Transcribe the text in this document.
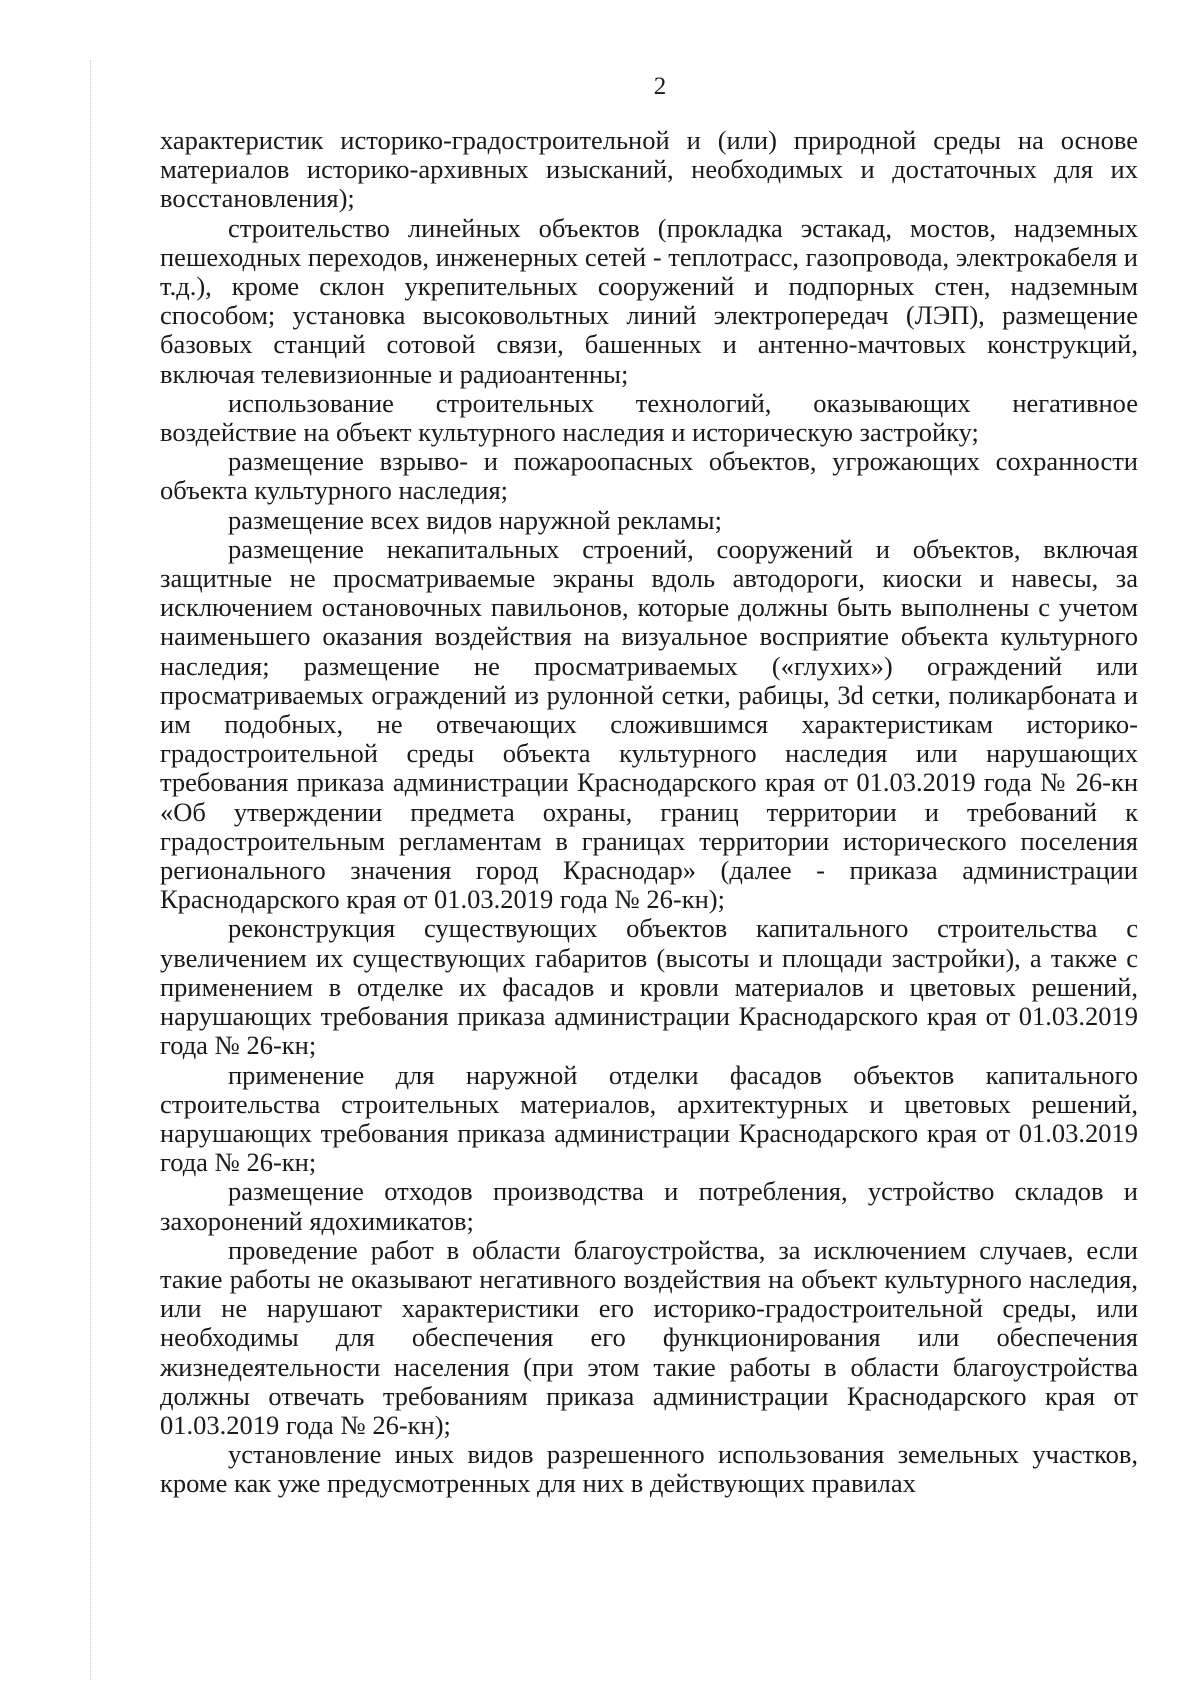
2

характеристик историко-градостроительной и (или) природной среды на основе материалов историко-архивных изысканий, необходимых и достаточных для их восстановления);

строительство линейных объектов (прокладка эстакад, мостов, надземных пешеходных переходов, инженерных сетей - теплотрасс, газопровода, электрокабеля и т.д.), кроме склон укрепительных сооружений и подпорных стен, надземным способом; установка высоковольтных линий электропередач (ЛЭП), размещение базовых станций сотовой связи, башенных и антенно-мачтовых конструкций, включая телевизионные и радиоантенны;

использование строительных технологий, оказывающих негативное воздействие на объект культурного наследия и историческую застройку;

размещение взрыво- и пожароопасных объектов, угрожающих сохранности объекта культурного наследия;

размещение всех видов наружной рекламы;

размещение некапитальных строений, сооружений и объектов, включая защитные не просматриваемые экраны вдоль автодороги, киоски и навесы, за исключением остановочных павильонов, которые должны быть выполнены с учетом наименьшего оказания воздействия на визуальное восприятие объекта культурного наследия; размещение не просматриваемых («глухих») ограждений или просматриваемых ограждений из рулонной сетки, рабицы, 3d сетки, поликарбоната и им подобных, не отвечающих сложившимся характеристикам историко-градостроительной среды объекта культурного наследия или нарушающих требования приказа администрации Краснодарского края от 01.03.2019 года № 26-кн «Об утверждении предмета охраны, границ территории и требований к градостроительным регламентам в границах территории исторического поселения регионального значения город Краснодар» (далее - приказа администрации Краснодарского края от 01.03.2019 года № 26-кн);

реконструкция существующих объектов капитального строительства с увеличением их существующих габаритов (высоты и площади застройки), а также с применением в отделке их фасадов и кровли материалов и цветовых решений, нарушающих требования приказа администрации Краснодарского края от 01.03.2019 года № 26-кн;

применение для наружной отделки фасадов объектов капитального строительства строительных материалов, архитектурных и цветовых решений, нарушающих требования приказа администрации Краснодарского края от 01.03.2019 года № 26-кн;

размещение отходов производства и потребления, устройство складов и захоронений ядохимикатов;

проведение работ в области благоустройства, за исключением случаев, если такие работы не оказывают негативного воздействия на объект культурного наследия, или не нарушают характеристики его историко-градостроительной среды, или необходимы для обеспечения его функционирования или обеспечения жизнедеятельности населения (при этом такие работы в области благоустройства должны отвечать требованиям приказа администрации Краснодарского края от 01.03.2019 года № 26-кн);

установление иных видов разрешенного использования земельных участков, кроме как уже предусмотренных для них в действующих правилах
